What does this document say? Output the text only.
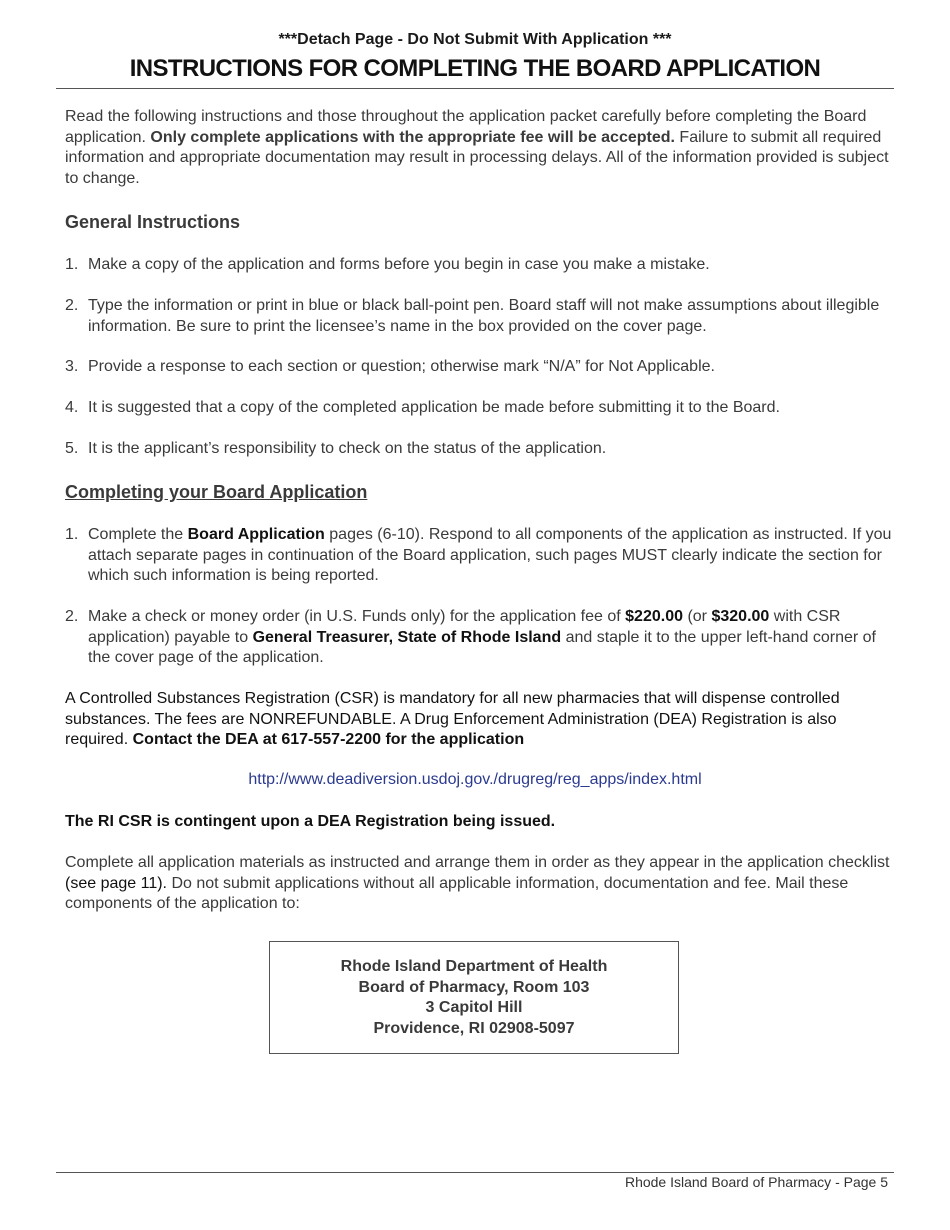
***Detach Page - Do Not Submit With Application ***
INSTRUCTIONS FOR COMPLETING THE BOARD APPLICATION
Read the following instructions and those throughout the application packet carefully before completing the Board application. Only complete applications with the appropriate fee will be accepted. Failure to submit all required information and appropriate documentation may result in processing delays. All of the information provided is subject to change.
General Instructions
1. Make a copy of the application and forms before you begin in case you make a mistake.
2. Type the information or print in blue or black ball-point pen. Board staff will not make assumptions about illegible information. Be sure to print the licensee’s name in the box provided on the cover page.
3. Provide a response to each section or question; otherwise mark “N/A” for Not Applicable.
4. It is suggested that a copy of the completed application be made before submitting it to the Board.
5. It is the applicant’s responsibility to check on the status of the application.
Completing your Board Application
1. Complete the Board Application pages (6-10). Respond to all components of the application as instructed. If you attach separate pages in continuation of the Board application, such pages MUST clearly indicate the section for which such information is being reported.
2. Make a check or money order (in U.S. Funds only) for the application fee of $220.00 (or $320.00 with CSR application) payable to General Treasurer, State of Rhode Island and staple it to the upper left-hand corner of the cover page of the application.
A Controlled Substances Registration (CSR) is mandatory for all new pharmacies that will dispense controlled substances. The fees are NONREFUNDABLE. A Drug Enforcement Administration (DEA) Registration is also required. Contact the DEA at 617-557-2200 for the application
http://www.deadiversion.usdoj.gov./drugreg/reg_apps/index.html
The RI CSR is contingent upon a DEA Registration being issued.
Complete all application materials as instructed and arrange them in order as they appear in the application checklist (see page 11). Do not submit applications without all applicable information, documentation and fee. Mail these components of the application to:
Rhode Island Department of Health
Board of Pharmacy, Room 103
3 Capitol Hill
Providence, RI 02908-5097
Rhode Island Board of Pharmacy - Page 5
